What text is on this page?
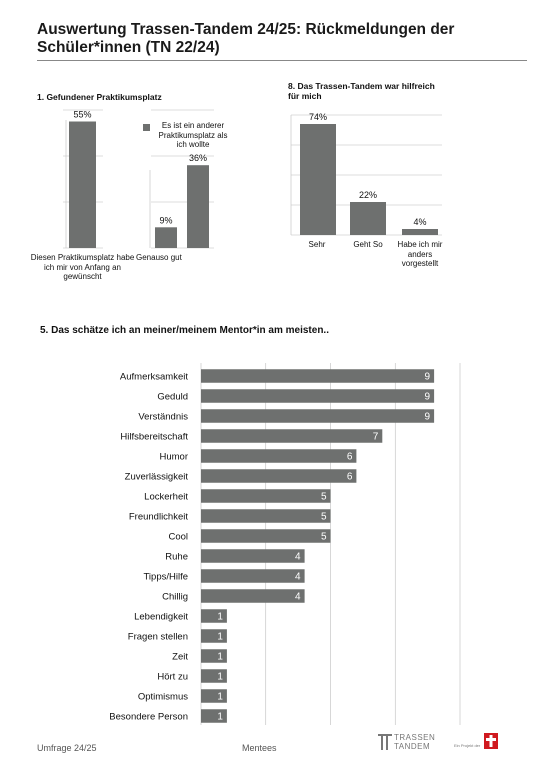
Auswertung Trassen-Tandem 24/25: Rückmeldungen der Schüler*innen (TN 22/24)
1. Gefundener Praktikumsplatz
55%
9%
36%
74%
22%
4%
9
Aufmerksamkeit
9
Geduld
9
Verständnis
7
Hilfsbereitschaft
6
Humor
6
Zuverlässigkeit
5
Lockerheit
5
Freundlichkeit
5
Cool
4
Ruhe
4
Tipps/Hilfe
4
Chillig
1
Lebendigkeit
1
Fragen stellen
1
Zeit
1
Hört zu
1
Optimismus
1
Besondere Person
Diesen Praktikumsplatz habe ich mir von Anfang an gewünscht
Genauso gut
Es ist ein anderer Praktikumsplatz als ich wollte
8. Das Trassen-Tandem war hilfreich für mich
Sehr	Geht So	Habe ich mir anders vorgestellt
5. Das schätze ich an meiner/meinem Mentor*in am meisten..
Umfrage 24/25	Mentees
TRASSEN
TANDEM	Ein Projekt der
